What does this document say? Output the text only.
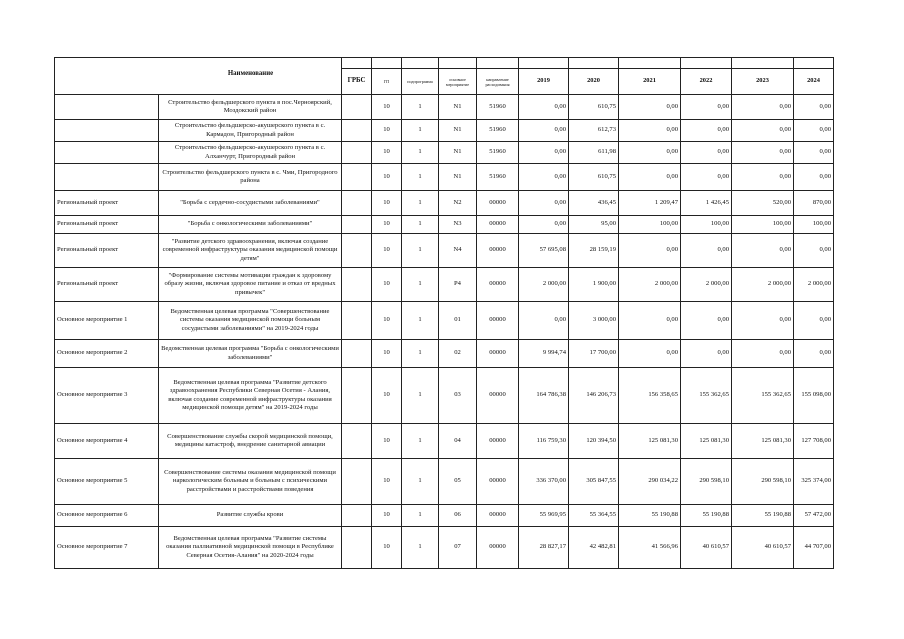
		ГРБС	ГП	подпрограмма	основное мероприятие	направление расходования	2019	2020	2021	2022	2023	2024
	Строительство фельдшерского пункта в пос.Черноярский, Моздокский район		10	1	N1	51960	0,00	610,75	0,00	0,00	0,00	0,00
	Строительство фельдшерско-акушерского пункта в с. Кармадон, Пригородный район		10	1	N1	51960	0,00	612,73	0,00	0,00	0,00	0,00
	Строительство фельдшерско-акушерского пункта в с. Алханчурт, Пригородный район		10	1	N1	51960	0,00	611,98	0,00	0,00	0,00	0,00
	Строительство фельдшерского пункта в с. Чми, Пригородного района		10	1	N1	51960	0,00	610,75	0,00	0,00	0,00	0,00
Региональный проект	"Борьба с сердечно-сосудистыми заболеваниями"		10	1	N2	00000	0,00	436,45	1 209,47	1 426,45	520,00	870,00
Региональный проект	"Борьба с онкологическими заболеваниями"		10	1	N3	00000	0,00	95,00	100,00	100,00	100,00	100,00
Региональный проект	"Развитие детского здравоохранения, включая создание современной инфраструктуры оказания медицинской помощи детям"		10	1	N4	00000	57 695,08	28 159,19	0,00	0,00	0,00	0,00
Региональный проект	"Формирование системы мотивации граждан к здоровому образу жизни, включая здоровое питание и отказ от вредных привычек"		10	1	P4	00000	2 000,00	1 900,00	2 000,00	2 000,00	2 000,00	2 000,00
Основное мероприятие 1	Ведомственная целевая программа "Совершенствование системы оказания медицинской помощи больным сосудистыми заболеваниями" на 2019-2024 годы		10	1	01	00000	0,00	3 000,00	0,00	0,00	0,00	0,00
Основное мероприятие 2	Ведомственная целевая программа "Борьба с онкологическими заболеваниями"		10	1	02	00000	9 994,74	17 700,00	0,00	0,00	0,00	0,00
Основное мероприятие 3	Ведомственная целевая программа "Развитие детского здравоохранения Республики Северная Осетия - Алания, включая создание современной инфраструктуры оказания медицинской помощи детям" на 2019-2024 годы		10	1	03	00000	164 786,38	146 206,73	156 358,65	155 362,65	155 362,65	155 098,00
Основное мероприятие 4	Совершенствование службы скорой медицинской помощи, медицины катастроф, внедрение санитарной авиации		10	1	04	00000	116 759,30	120 394,50	125 081,30	125 081,30	125 081,30	127 708,00
Основное мероприятие 5	Совершенствование системы оказания медицинской помощи наркологическим больным и больным с психическими расстройствами и расстройствами поведения		10	1	05	00000	336 370,00	305 847,55	290 034,22	290 598,10	290 598,10	325 374,00
Основное мероприятие 6	Развитие службы крови		10	1	06	00000	55 969,95	55 364,55	55 190,88	55 190,88	55 190,88	57 472,00
Основное мероприятие 7	Ведомственная целевая программа "Развитие системы оказания паллиативной медицинской помощи в Республике Северная Осетия-Алания" на 2020-2024 годы		10	1	07	00000	28 827,17	42 482,81	41 566,96	40 610,57	40 610,57	44 707,00
Наименование
